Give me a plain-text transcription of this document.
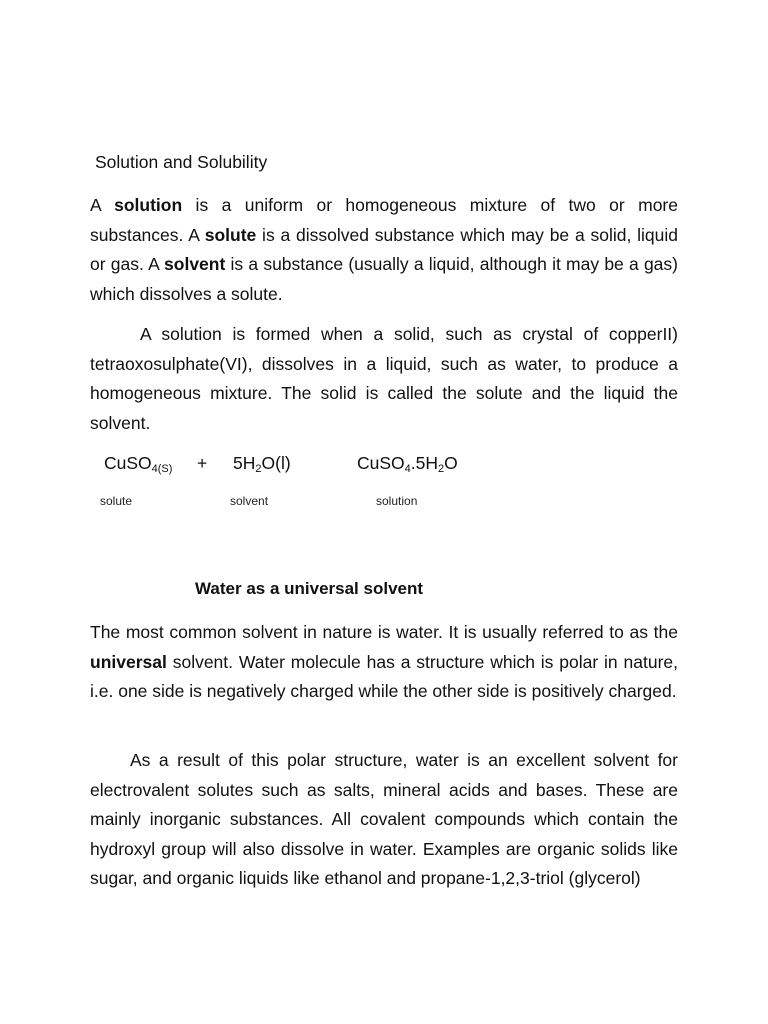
Solution and Solubility
A solution is a uniform or homogeneous mixture of two or more substances. A solute is a dissolved substance which may be a solid, liquid or gas. A solvent is a substance (usually a liquid, although it may be a gas) which dissolves a solute.
A solution is formed when a solid, such as crystal of copperII) tetraoxosulphate(VI), dissolves in a liquid, such as water, to produce a homogeneous mixture. The solid is called the solute and the liquid the solvent.
CuSO$_{4(S)}$ + $5H_2O(l)$	$CuSO_4.5H_2O$
solute	solvent	solution
Water as a universal solvent
The most common solvent in nature is water. It is usually referred to as the universal solvent. Water molecule has a structure which is polar in nature, i.e. one side is negatively charged while the other side is positively charged.
As a result of this polar structure, water is an excellent solvent for electrovalent solutes such as salts, mineral acids and bases. These are mainly inorganic substances. All covalent compounds which contain the hydroxyl group will also dissolve in water. Examples are organic solids like sugar, and organic liquids like ethanol and propane-1,2,3-triol (glycerol)
